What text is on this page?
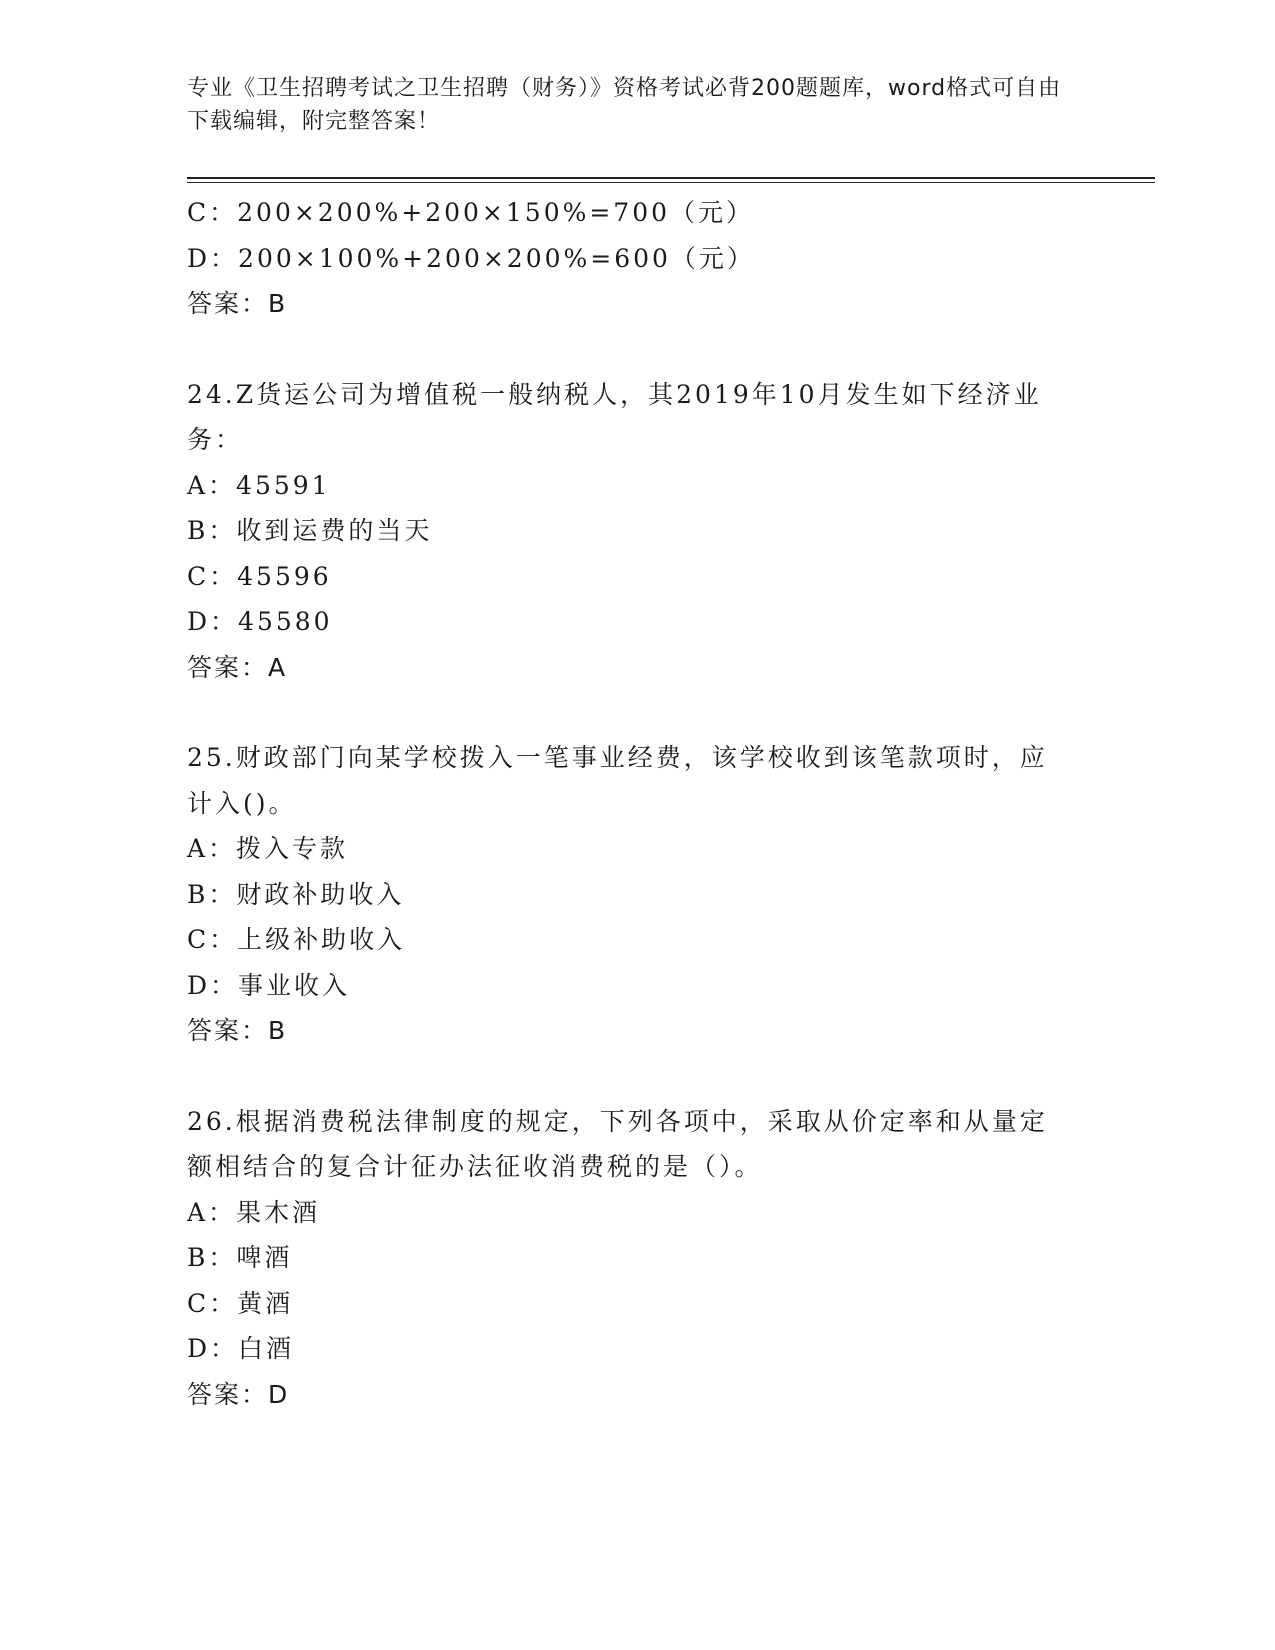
专业《卫生招聘考试之卫生招聘（财务）》资格考试必背200题题库，word格式可自由下载编辑，附完整答案！
C：200×200%+200×150%=700（元）
D：200×100%+200×200%=600（元）
答案：B
24.Z货运公司为增值税一般纳税人，其2019年10月发生如下经济业务：
A：45591
B：收到运费的当天
C：45596
D：45580
答案：A
25.财政部门向某学校拨入一笔事业经费，该学校收到该笔款项时，应计入()。
A：拨入专款
B：财政补助收入
C：上级补助收入
D：事业收入
答案：B
26.根据消费税法律制度的规定，下列各项中，采取从价定率和从量定额相结合的复合计征办法征收消费税的是（）。
A：果木酒
B：啤酒
C：黄酒
D：白酒
答案：D
